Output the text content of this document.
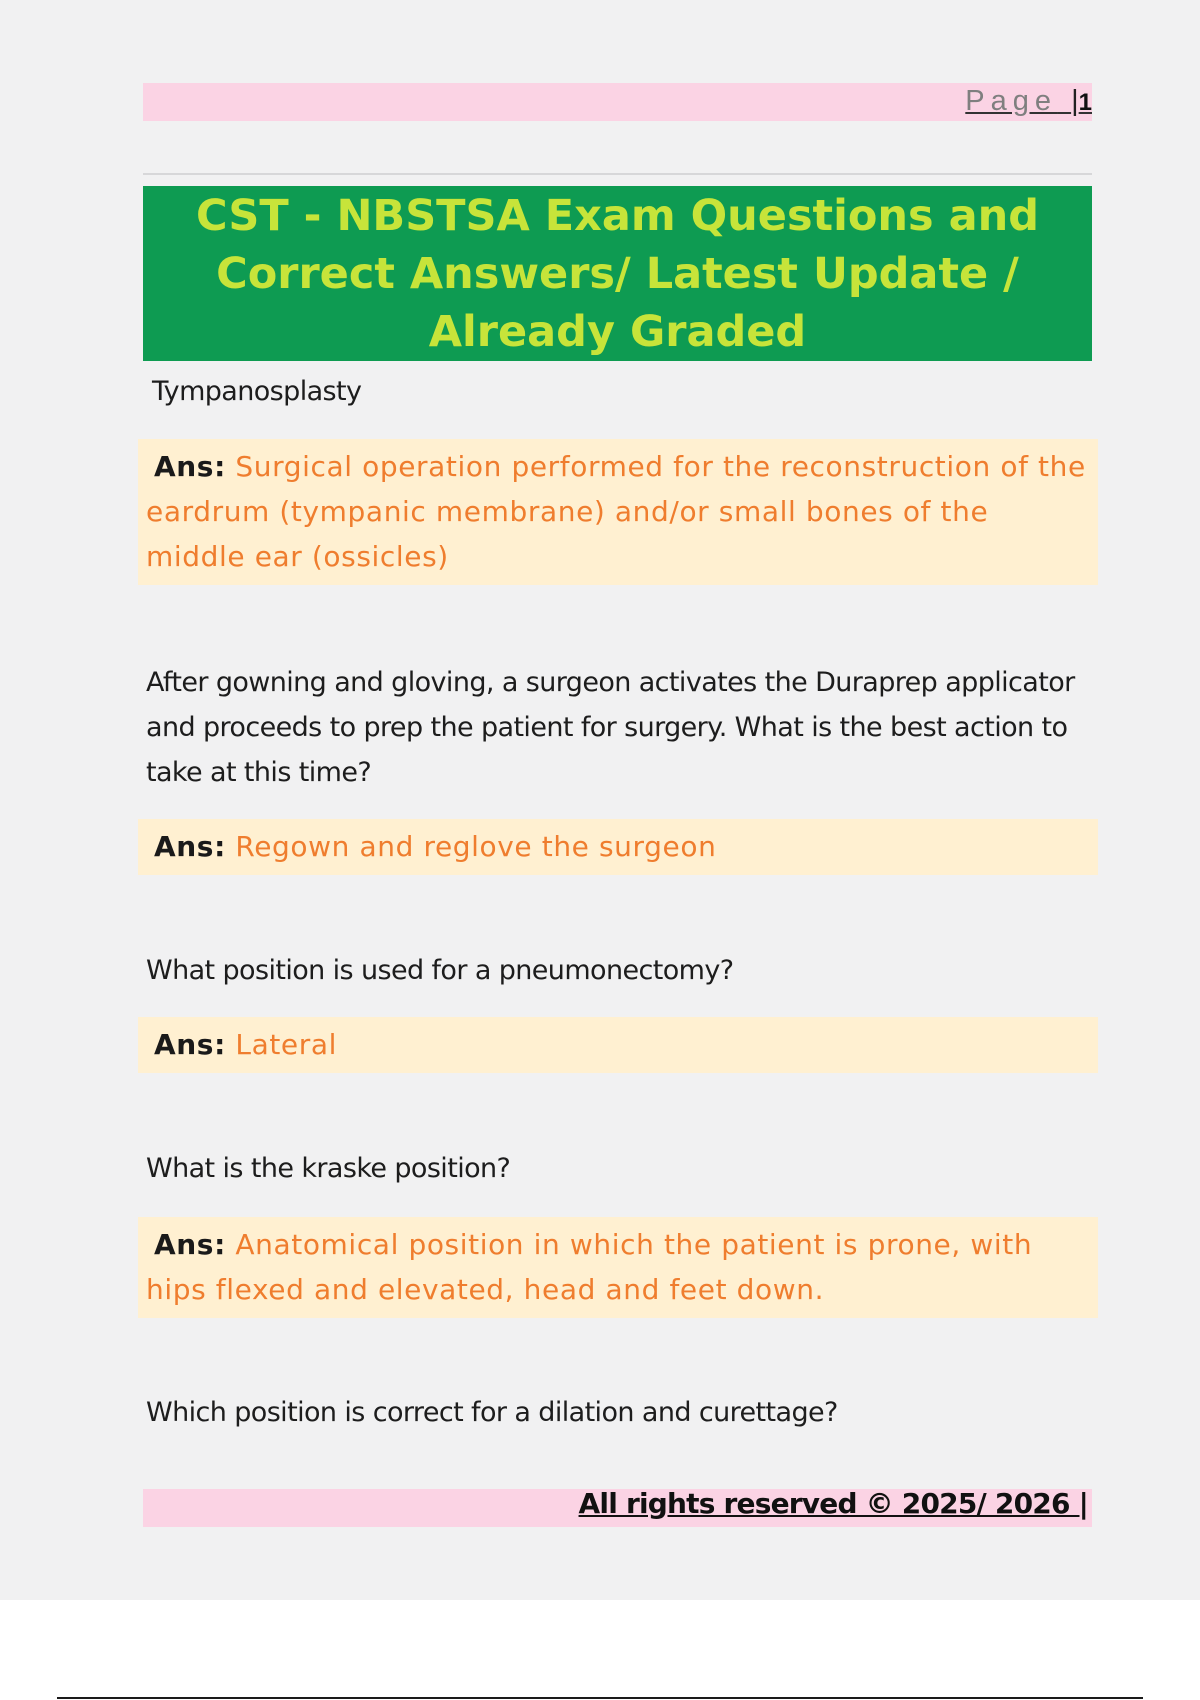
Page |1
CST - NBSTSA Exam Questions and Correct Answers/ Latest Update / Already Graded
Tympanosplasty
Ans: Surgical operation performed for the reconstruction of the eardrum (tympanic membrane) and/or small bones of the middle ear (ossicles)
After gowning and gloving, a surgeon activates the Duraprep applicator and proceeds to prep the patient for surgery. What is the best action to take at this time?
Ans: Regown and reglove the surgeon
What position is used for a pneumonectomy?
Ans: Lateral
What is the kraske position?
Ans: Anatomical position in which the patient is prone, with hips flexed and elevated, head and feet down.
Which position is correct for a dilation and curettage?
All rights reserved © 2025/ 2026 |
